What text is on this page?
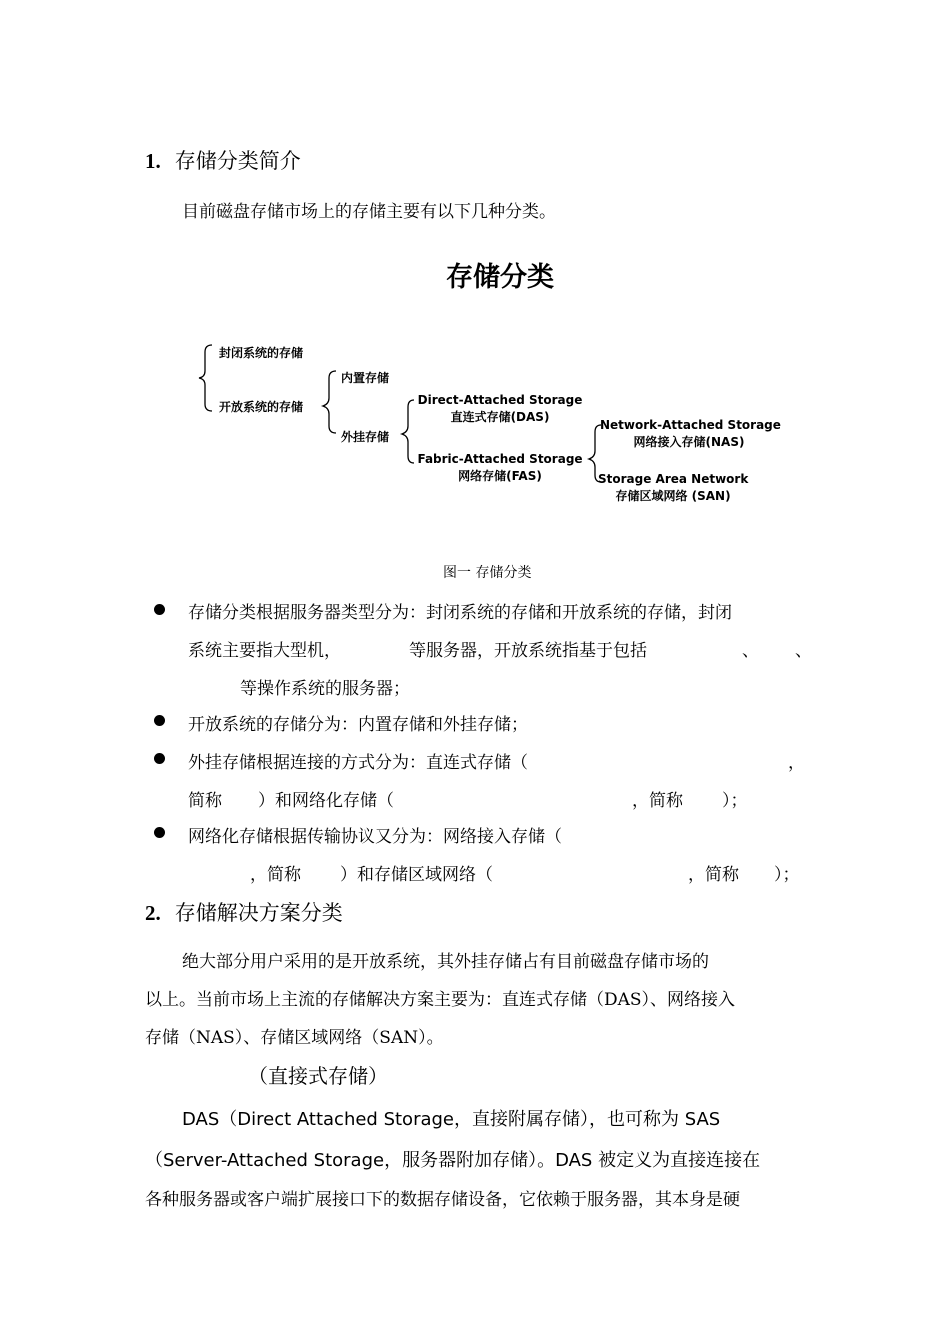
1. 存储分类简介
目前磁盘存储市场上的存储主要有以下几种分类。
存储分类
封闭系统的存储
开放系统的存储
内置存储
外挂存储
Direct-Attached Storage
直连式存储(DAS)
Fabric-Attached Storage
网络存储(FAS)
Network-Attached Storage
网络接入存储(NAS)
Storage Area Network
存储区域网络 (SAN)
图一 存储分类
存储分类根据服务器类型分为：封闭系统的存储和开放系统的存储，封闭
系统主要指大型机，	等服务器，开放系统指基于包括	、 、
等操作系统的服务器；
开放系统的存储分为：内置存储和外挂存储；
外挂存储根据连接的方式分为：直连式存储（	，
简称 ）和网络化存储（	，简称 ）；
网络化存储根据传输协议又分为：网络接入存储（
，简称 ）和存储区域网络（	，简称 ）；
2. 存储解决方案分类
绝大部分用户采用的是开放系统，其外挂存储占有目前磁盘存储市场的
以上。当前市场上主流的存储解决方案主要为：直连式存储（DAS）、网络接入
存储（NAS）、存储区域网络（SAN）。
（直接式存储）
DAS（Direct Attached Storage，直接附属存储），也可称为 SAS
（Server-Attached Storage，服务器附加存储）。DAS 被定义为直接连接在
各种服务器或客户端扩展接口下的数据存储设备，它依赖于服务器，其本身是硬
